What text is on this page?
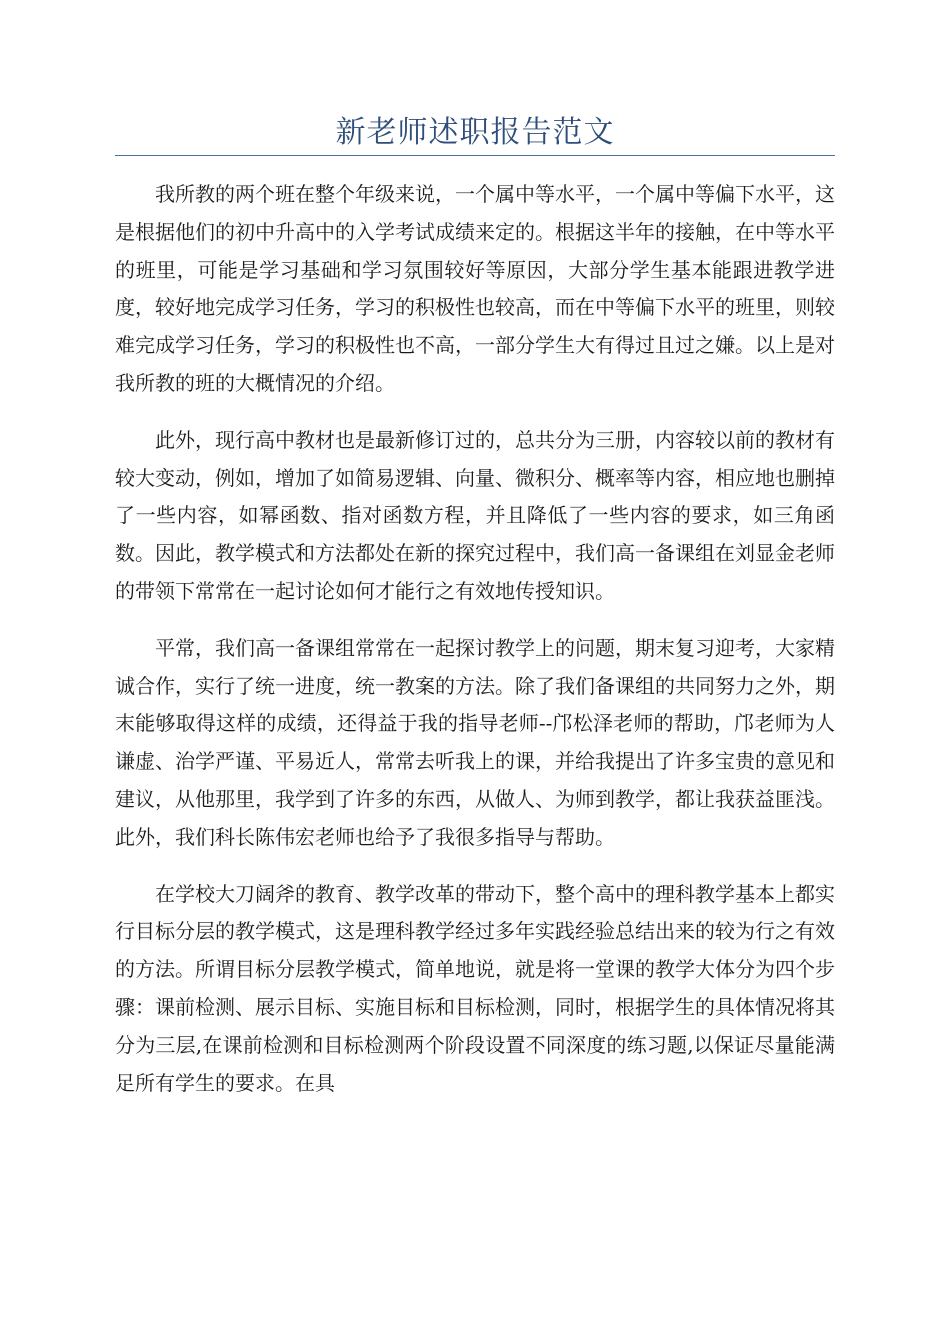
新老师述职报告范文

我所教的两个班在整个年级来说，一个属中等水平，一个属中等偏下水平，这是根据他们的初中升高中的入学考试成绩来定的。根据这半年的接触，在中等水平的班里，可能是学习基础和学习氛围较好等原因，大部分学生基本能跟进教学进度，较好地完成学习任务，学习的积极性也较高，而在中等偏下水平的班里，则较难完成学习任务，学习的积极性也不高，一部分学生大有得过且过之嫌。以上是对我所教的班的大概情况的介绍。

此外，现行高中教材也是最新修订过的，总共分为三册，内容较以前的教材有较大变动，例如，增加了如简易逻辑、向量、微积分、概率等内容，相应地也删掉了一些内容，如幂函数、指对函数方程，并且降低了一些内容的要求，如三角函数。因此，教学模式和方法都处在新的探究过程中，我们高一备课组在刘显金老师的带领下常常在一起讨论如何才能行之有效地传授知识。

平常，我们高一备课组常常在一起探讨教学上的问题，期末复习迎考，大家精诚合作，实行了统一进度，统一教案的方法。除了我们备课组的共同努力之外，期末能够取得这样的成绩，还得益于我的指导老师--邝松泽老师的帮助，邝老师为人谦虚、治学严谨、平易近人，常常去听我上的课，并给我提出了许多宝贵的意见和建议，从他那里，我学到了许多的东西，从做人、为师到教学，都让我获益匪浅。此外，我们科长陈伟宏老师也给予了我很多指导与帮助。

在学校大刀阔斧的教育、教学改革的带动下，整个高中的理科教学基本上都实行目标分层的教学模式，这是理科教学经过多年实践经验总结出来的较为行之有效的方法。所谓目标分层教学模式，简单地说，就是将一堂课的教学大体分为四个步骤：课前检测、展示目标、实施目标和目标检测，同时，根据学生的具体情况将其分为三层,在课前检测和目标检测两个阶段设置不同深度的练习题,以保证尽量能满足所有学生的要求。在具
